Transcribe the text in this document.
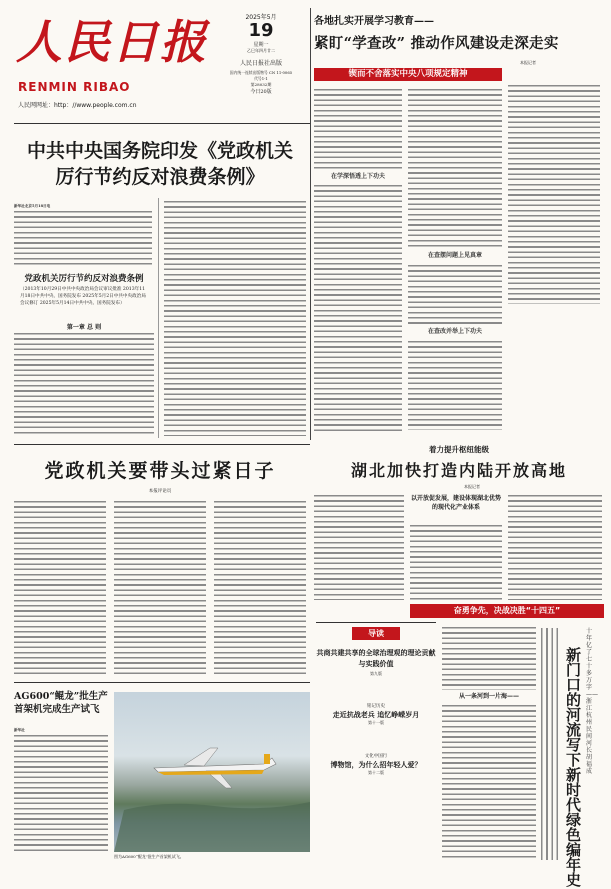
人民日报
RENMIN RIBAO
人民网网址：http：//www.people.com.cn
2025年5月
19
星期一
乙巳年四月廿二
人民日报社出版
国内统一连续出版物号 CN 11-0065
代号1-1
第28032期
今日20版
各地扎实开展学习教育——
紧盯“学查改” 推动作风建设走深走实
本报记者
锲而不舍落实中央八项规定精神
在学深悟透上下功夫
在查摆问题上见真章
在查改并举上下功夫
中共中央国务院印发《党政机关厉行节约反对浪费条例》
新华社北京5月18日电
党政机关厉行节约反对浪费条例
（2013年10月29日中共中央政治局会议审议批准 2013年11月18日中共中央、国务院发布 2025年5月2日中共中央政治局会议修订 2025年5月14日中共中央、国务院发布）
第一章 总 则
党政机关要带头过紧日子
本报评论员
着力提升枢纽能级
湖北加快打造内陆开放高地
本报记者
以开放促发展，建设体现湖北优势的现代化产业体系
奋勇争先，决战决胜“十四五”
导读
共商共建共享的全球治理观的理论贡献与实践价值
第九版
铭记历史
走近抗战老兵 追忆峥嵘岁月
第十一版
文化中国行
博物馆，为什么招年轻人爱？
第十二版
从一条河到一片海——
十年亿了七十多万字——浙江杭州民间河长胡福成
新门口的河流写下新时代绿色编年史
AG600“鲲龙”批生产首架机完成生产试飞
新华社
图为AG600“鲲龙”批生产首架机试飞。
